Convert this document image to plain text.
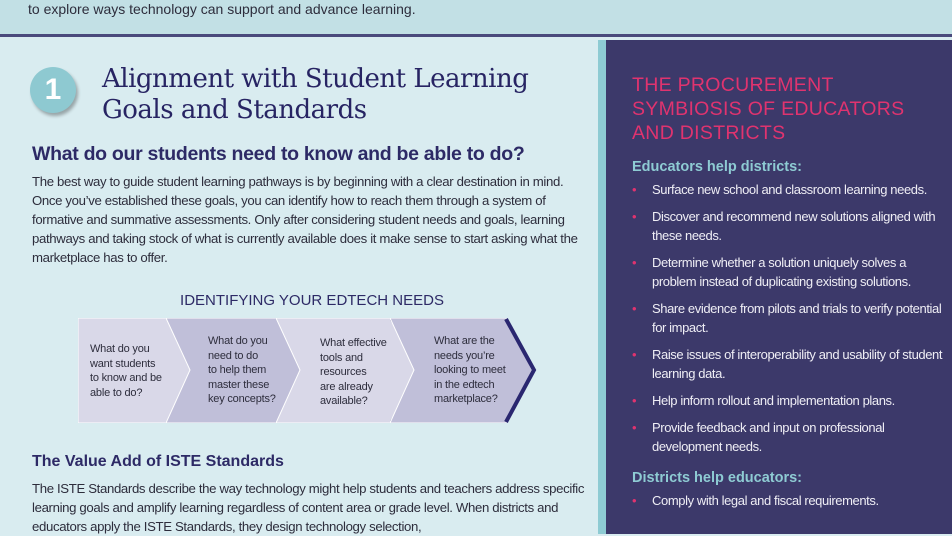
to explore ways technology can support and advance learning.

1	Alignment with Student Learning Goals and Standards
What do our students need to know and be able to do?
The best way to guide student learning pathways is by beginning with a clear destination in mind. Once you’ve established these goals, you can identify how to reach them through a system of formative and summative assessments. Only after considering student needs and goals, learning pathways and taking stock of what is currently available does it make sense to start asking what the marketplace has to offer.
IDENTIFYING YOUR EDTECH NEEDS
What do you
want students
to know and be
able to do?
What do you
need to do
to help them
master these
key concepts?
What effective
tools and
resources
are already
available?
What are the
needs you’re
looking to meet
in the edtech
marketplace?
The Value Add of ISTE Standards
The ISTE Standards describe the way technology might help students and teachers address specific learning goals and amplify learning regardless of content area or grade level. When districts and educators apply the ISTE Standards, they design technology selection,
THE PROCUREMENT SYMBIOSIS OF EDUCATORS AND DISTRICTS
Educators help districts:
• Surface new school and classroom learning needs.
• Discover and recommend new solutions aligned with these needs.
• Determine whether a solution uniquely solves a problem instead of duplicating existing solutions.
• Share evidence from pilots and trials to verify potential for impact.
• Raise issues of interoperability and usability of student learning data.
• Help inform rollout and implementation plans.
• Provide feedback and input on professional development needs.
Districts help educators:
• Comply with legal and fiscal requirements.
